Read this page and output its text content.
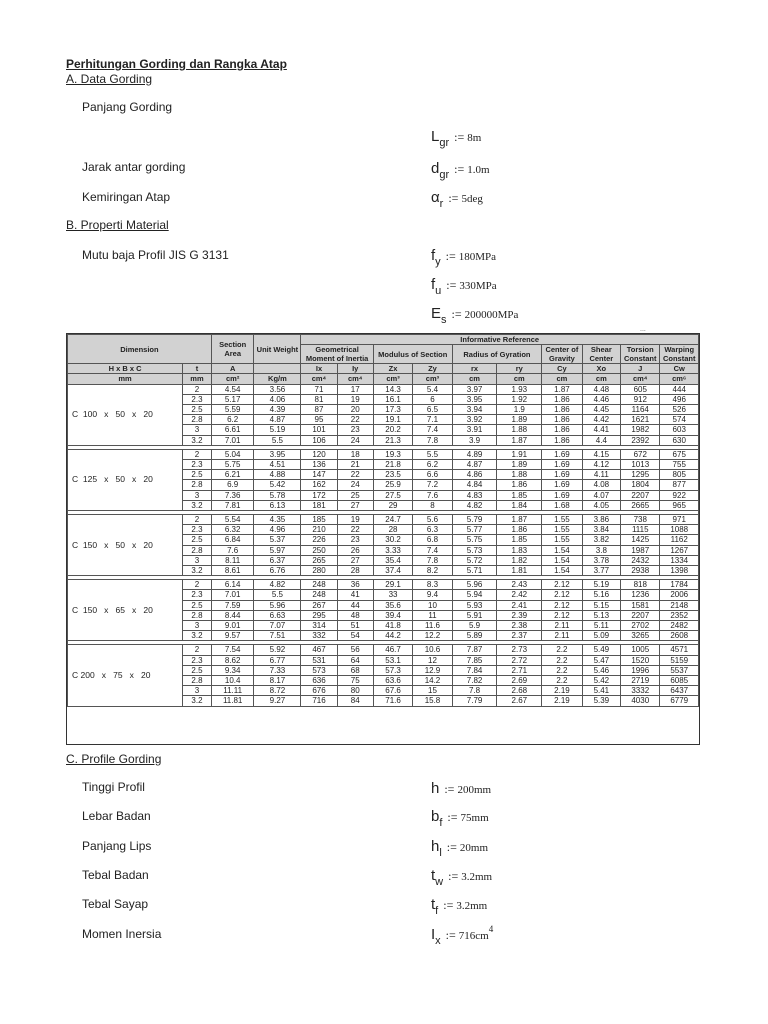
Perhitungan Gording dan Rangka Atap
A. Data Gording
Panjang Gording
Lgr := 8m
Jarak antar gording	dgr := 1.0m
Kemiringan Atap	αr := 5deg
B. Properti Material
Mutu baja Profil JIS G 3131	fy := 180MPa
fu := 330MPa
Es := 200000MPa
...
Dimension		Section Area	Unit Weight	Informative Reference									
				Geometrical Moment of Inertia		Modulus of Section		Radius of Gyration		Center of Gravity	Shear Center	Torsion Constant	Warping Constant

H x B x C	t	A		Ix	Iy	Zx	Zy	rx	ry	Cy	Xo	J	Cw
mm	mm	cm²	Kg/m	cm⁴	cm⁴	cm³	cm³	cm	cm	cm	cm	cm⁴	cm⁶
C  100   x   50   x   20	2	4.54	3.56	71	17	14.3	5.4	3.97	1.93	1.87	4.48	605	444
	2.3	5.17	4.06	81	19	16.1	6	3.95	1.92	1.86	4.46	912	496
	2.5	5.59	4.39	87	20	17.3	6.5	3.94	1.9	1.86	4.45	1164	526
	2.8	6.2	4.87	95	22	19.1	7.1	3.92	1.89	1.86	4.42	1621	574
	3	6.61	5.19	101	23	20.2	7.4	3.91	1.88	1.86	4.41	1982	603
	3.2	7.01	5.5	106	24	21.3	7.8	3.9	1.87	1.86	4.4	2392	630

C  125   x   50   x   20	2	5.04	3.95	120	18	19.3	5.5	4.89	1.91	1.69	4.15	672	675
	2.3	5.75	4.51	136	21	21.8	6.2	4.87	1.89	1.69	4.12	1013	755
	2.5	6.21	4.88	147	22	23.5	6.6	4.86	1.88	1.69	4.11	1295	805
	2.8	6.9	5.42	162	24	25.9	7.2	4.84	1.86	1.69	4.08	1804	877
	3	7.36	5.78	172	25	27.5	7.6	4.83	1.85	1.69	4.07	2207	922
	3.2	7.81	6.13	181	27	29	8	4.82	1.84	1.68	4.05	2665	965

C  150   x   50   x   20	2	5.54	4.35	185	19	24.7	5.6	5.79	1.87	1.55	3.86	738	971
	2.3	6.32	4.96	210	22	28	6.3	5.77	1.86	1.55	3.84	1115	1088
	2.5	6.84	5.37	226	23	30.2	6.8	5.75	1.85	1.55	3.82	1425	1162
	2.8	7.6	5.97	250	26	3.33	7.4	5.73	1.83	1.54	3.8	1987	1267
	3	8.11	6.37	265	27	35.4	7.8	5.72	1.82	1.54	3.78	2432	1334
	3.2	8.61	6.76	280	28	37.4	8.2	5.71	1.81	1.54	3.77	2938	1398

C  150   x   65   x   20	2	6.14	4.82	248	36	29.1	8.3	5.96	2.43	2.12	5.19	818	1784
	2.3	7.01	5.5	248	41	33	9.4	5.94	2.42	2.12	5.16	1236	2006
	2.5	7.59	5.96	267	44	35.6	10	5.93	2.41	2.12	5.15	1581	2148
	2.8	8.44	6.63	295	48	39.4	11	5.91	2.39	2.12	5.13	2207	2352
	3	9.01	7.07	314	51	41.8	11.6	5.9	2.38	2.11	5.11	2702	2482
	3.2	9.57	7.51	332	54	44.2	12.2	5.89	2.37	2.11	5.09	3265	2608

C 200   x   75   x   20	2	7.54	5.92	467	56	46.7	10.6	7.87	2.73	2.2	5.49	1005	4571
	2.3	8.62	6.77	531	64	53.1	12	7.85	2.72	2.2	5.47	1520	5159
	2.5	9.34	7.33	573	68	57.3	12.9	7.84	2.71	2.2	5.46	1996	5537
	2.8	10.4	8.17	636	75	63.6	14.2	7.82	2.69	2.2	5.42	2719	6085
	3	11.11	8.72	676	80	67.6	15	7.8	2.68	2.19	5.41	3332	6437
	3.2	11.81	9.27	716	84	71.6	15.8	7.79	2.67	2.19	5.39	4030	6779
C. Profile Gording
Tinggi Profil	h := 200mm
Lebar Badan	bf := 75mm
Panjang Lips	hl := 20mm
Tebal Badan	tw := 3.2mm
Tebal Sayap	tf := 3.2mm
Momen Inersia	Ix := $716cm^4$
